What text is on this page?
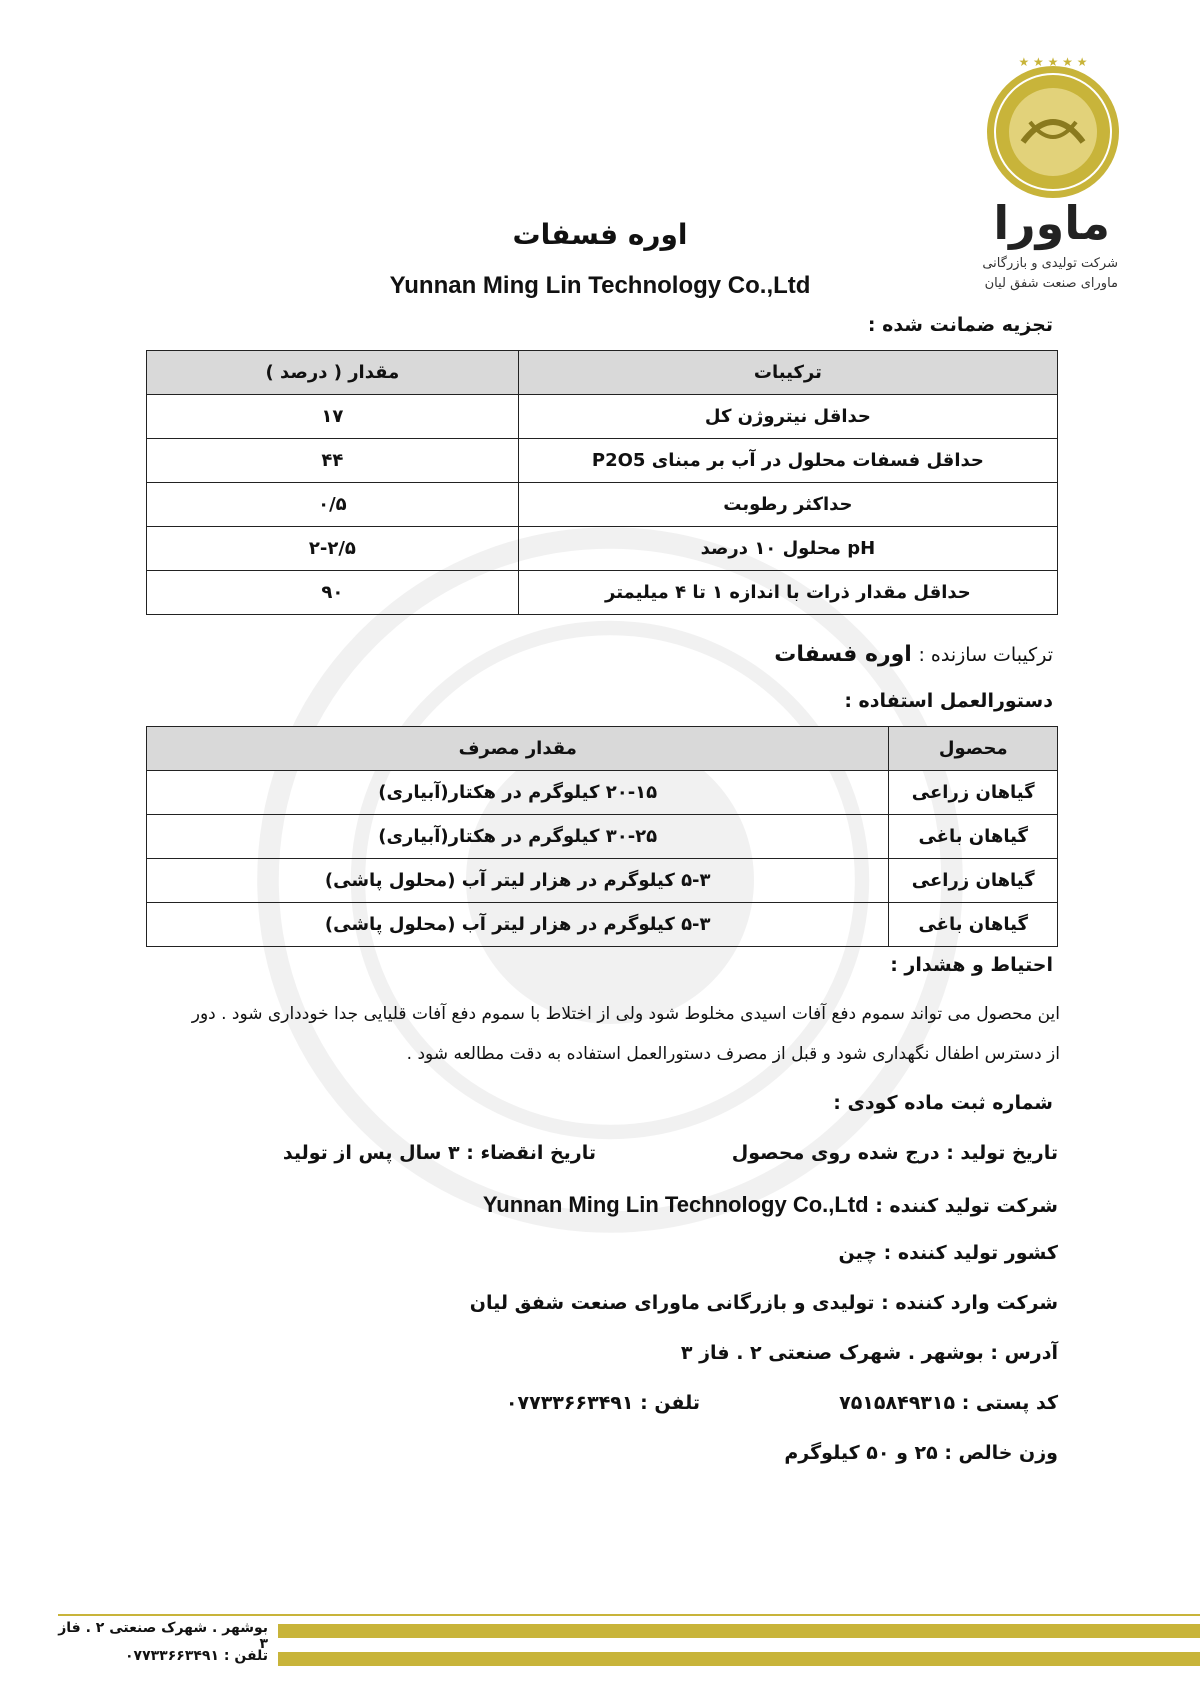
★ ★ ★ ★ ★
ماورا
شرکت تولیدی و بازرگانی
ماورای صنعت شفق لیان
اوره فسفات
Yunnan Ming Lin Technology Co.,Ltd
تجزیه ضمانت شده :
ترکیبات	مقدار ( درصد )
حداقل نیتروژن کل	۱۷
حداقل فسفات محلول در آب بر مبنای P2O5	۴۴
حداکثر رطوبت	۰/۵
pH محلول ۱۰ درصد	۲-۲/۵
حداقل مقدار ذرات با اندازه ۱ تا ۴ میلیمتر	۹۰
ترکیبات سازنده : اوره فسفات
دستورالعمل استفاده :
محصول	مقدار مصرف
گیاهان زراعی	۲۰-۱۵ کیلوگرم در هکتار(آبیاری)
گیاهان باغی	۳۰-۲۵ کیلوگرم در هکتار(آبیاری)
گیاهان زراعی	۵-۳ کیلوگرم در هزار لیتر آب (محلول پاشی)
گیاهان باغی	۵-۳ کیلوگرم در هزار لیتر آب (محلول پاشی)
احتیاط و هشدار :
این محصول می تواند سموم دفع آفات اسیدی مخلوط شود ولی از اختلاط با سموم دفع آفات قلیایی جدا خودداری شود . دور
از دسترس اطفال نگهداری شود و قبل از مصرف دستورالعمل استفاده به دقت مطالعه شود .
شماره ثبت ماده کودی :
تاریخ تولید : درج شده روی محصول
تاریخ انقضاء : ۳ سال پس از تولید
شرکت تولید کننده : Yunnan Ming Lin Technology Co.,Ltd
کشور تولید کننده : چین
شرکت وارد کننده : تولیدی و بازرگانی ماورای صنعت شفق لیان
آدرس : بوشهر . شهرک صنعتی ۲ . فاز ۳
کد پستی : ۷۵۱۵۸۴۹۳۱۵
تلفن : ۰۷۷۳۳۶۶۳۴۹۱
وزن خالص : ۲۵ و ۵۰ کیلوگرم
بوشهر . شهرک صنعتی ۲ . فاز ۳
تلفن : ۰۷۷۳۳۶۶۳۴۹۱
